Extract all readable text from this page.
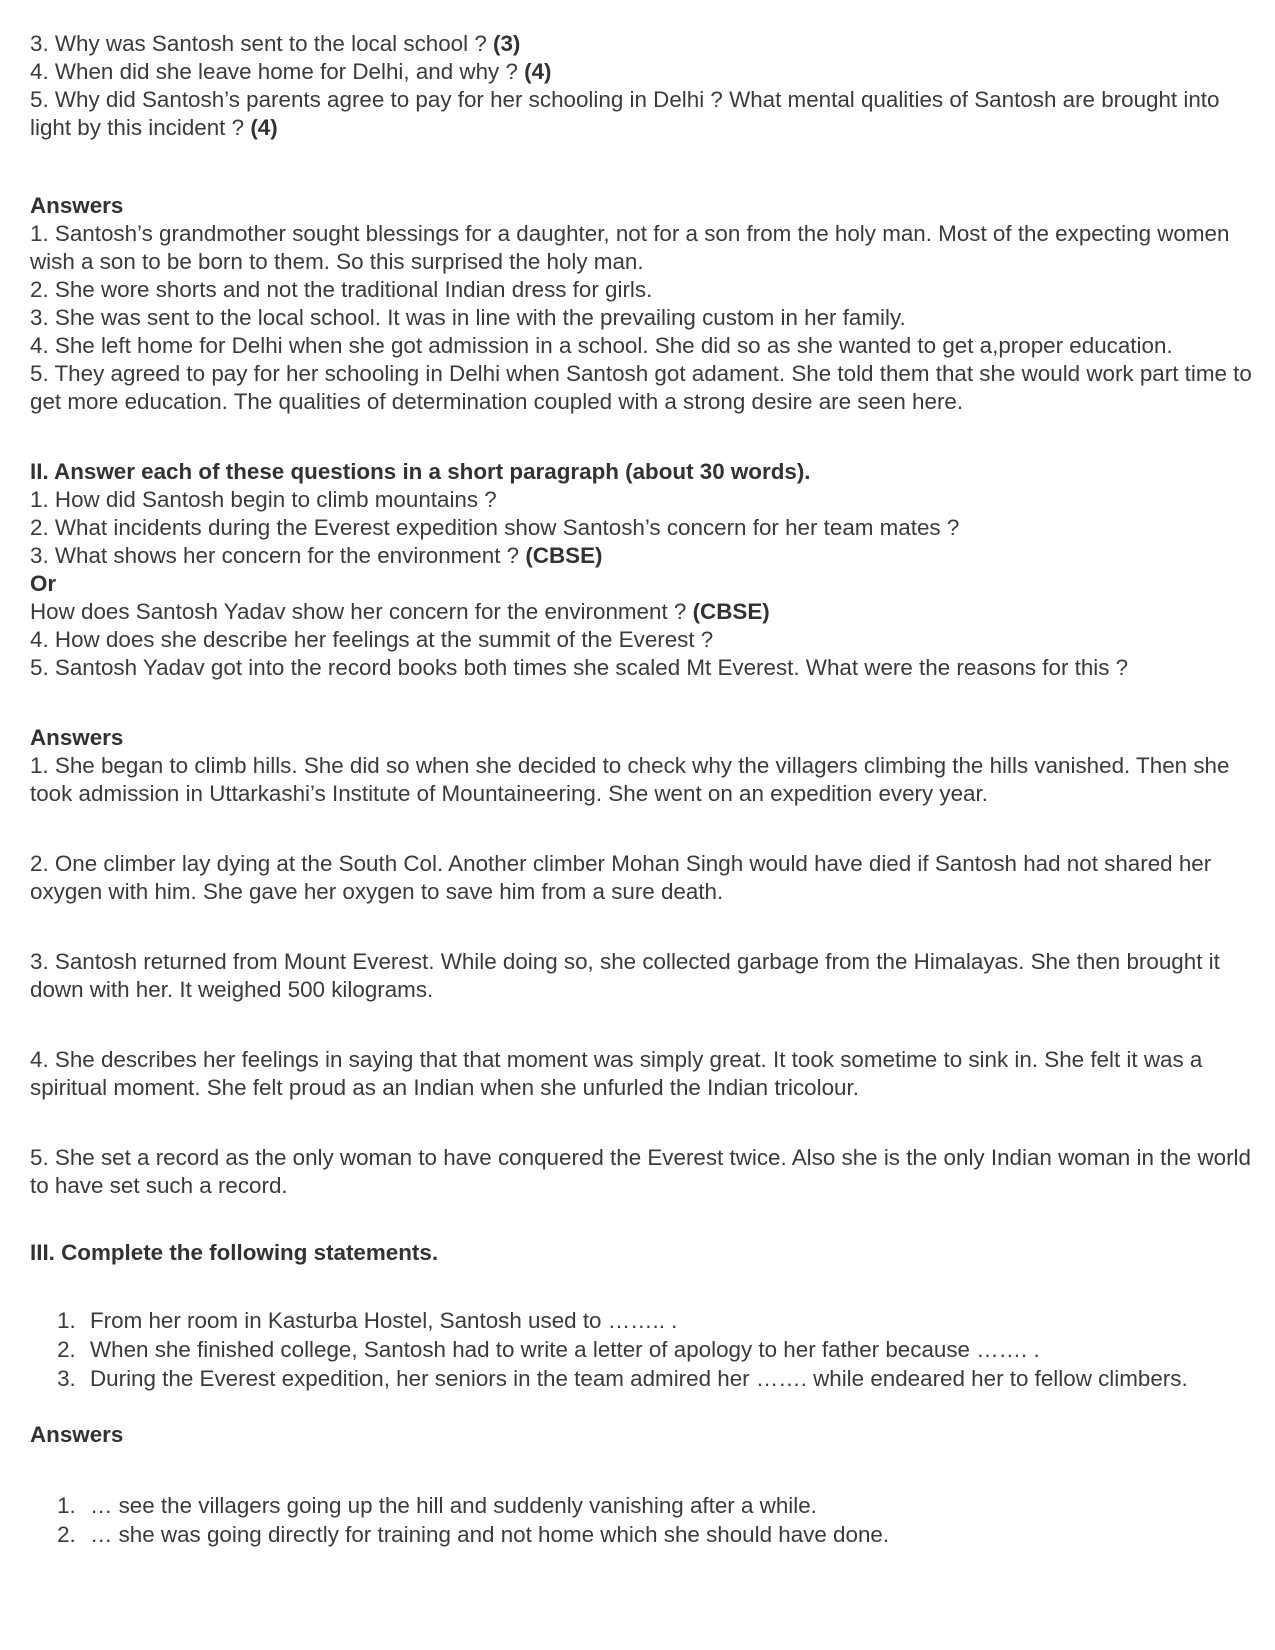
3. Why was Santosh sent to the local school ? (3)

4. When did she leave home for Delhi, and why ? (4)

5. Why did Santosh’s parents agree to pay for her schooling in Delhi ? What mental qualities of Santosh are brought into light by this incident ? (4)

Answers

1. Santosh’s grandmother sought blessings for a daughter, not for a son from the holy man. Most of the expecting women wish a son to be born to them. So this surprised the holy man.

2. She wore shorts and not the traditional Indian dress for girls.

3. She was sent to the local school. It was in line with the prevailing custom in her family.

4. She left home for Delhi when she got admission in a school. She did so as she wanted to get a,proper education.

5. They agreed to pay for her schooling in Delhi when Santosh got adament. She told them that she would work part time to get more education. The qualities of determination coupled with a strong desire are seen here.

II. Answer each of these questions in a short paragraph (about 30 words).

1. How did Santosh begin to climb mountains ?

2. What incidents during the Everest expedition show Santosh’s concern for her team mates ?

3. What shows her concern for the environment ? (CBSE)

Or

How does Santosh Yadav show her concern for the environment ? (CBSE)

4. How does she describe her feelings at the summit of the Everest ?

5. Santosh Yadav got into the record books both times she scaled Mt Everest. What were the reasons for this ?

Answers

1. She began to climb hills. She did so when she decided to check why the villagers climbing the hills vanished. Then she took admission in Uttarkashi’s Institute of Mountaineering. She went on an expedition every year.

2. One climber lay dying at the South Col. Another climber Mohan Singh would have died if Santosh had not shared her oxygen with him. She gave her oxygen to save him from a sure death.

3. Santosh returned from Mount Everest. While doing so, she collected garbage from the Himalayas. She then brought it down with her. It weighed 500 kilograms.

4. She describes her feelings in saying that that moment was simply great. It took sometime to sink in. She felt it was a spiritual moment. She felt proud as an Indian when she unfurled the Indian tricolour.

5. She set a record as the only woman to have conquered the Everest twice. Also she is the only Indian woman in the world to have set such a record.

III. Complete the following statements.

1. From her room in Kasturba Hostel, Santosh used to …….. .
2. When she finished college, Santosh had to write a letter of apology to her father because ……. .
3. During the Everest expedition, her seniors in the team admired her ……. while endeared her to fellow climbers.

Answers

1. … see the villagers going up the hill and suddenly vanishing after a while.
2. … she was going directly for training and not home which she should have done.
